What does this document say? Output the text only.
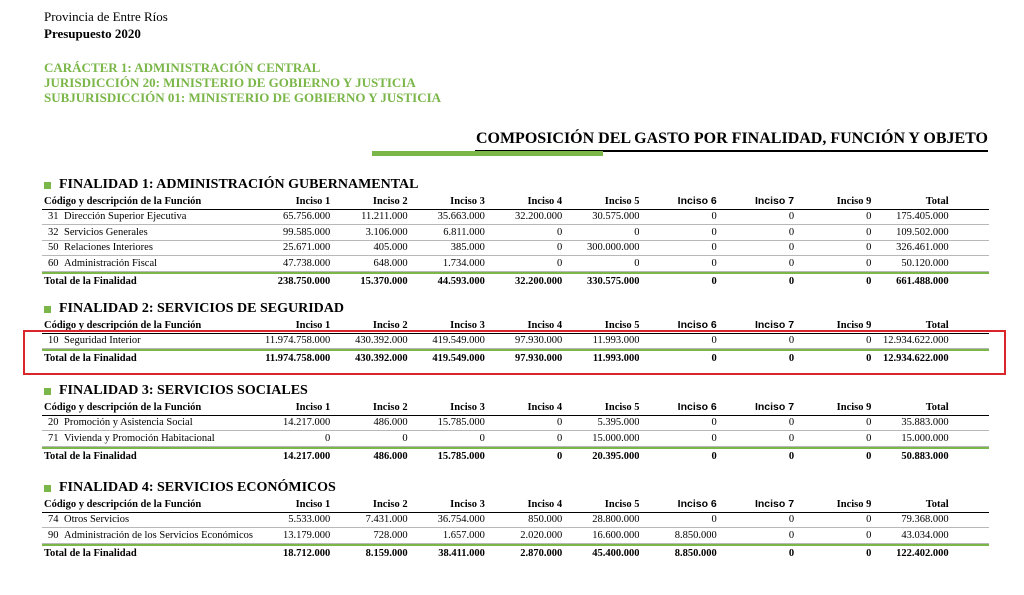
Provincia de Entre Ríos
Presupuesto 2020
CARÁCTER 1: ADMINISTRACIÓN CENTRAL
JURISDICCIÓN 20: MINISTERIO DE GOBIERNO Y JUSTICIA
SUBJURISDICCIÓN 01: MINISTERIO DE GOBIERNO Y JUSTICIA
COMPOSICIÓN DEL GASTO POR FINALIDAD, FUNCIÓN Y OBJETO
FINALIDAD 1: ADMINISTRACIÓN GUBERNAMENTAL
Código y descripción de la Función	Inciso 1	Inciso 2	Inciso 3	Inciso 4	Inciso 5	Inciso 6	Inciso 7	Inciso 9	Total
31 Dirección Superior Ejecutiva	65.756.000	11.211.000	35.663.000	32.200.000	30.575.000	0	0	0	175.405.000
32 Servicios Generales	99.585.000	3.106.000	6.811.000	0	0	0	0	0	109.502.000
50 Relaciones Interiores	25.671.000	405.000	385.000	0	300.000.000	0	0	0	326.461.000
60 Administración Fiscal	47.738.000	648.000	1.734.000	0	0	0	0	0	50.120.000
Total de la Finalidad	238.750.000	15.370.000	44.593.000	32.200.000	330.575.000	0	0	0	661.488.000
FINALIDAD 2: SERVICIOS DE SEGURIDAD
Código y descripción de la Función	Inciso 1	Inciso 2	Inciso 3	Inciso 4	Inciso 5	Inciso 6	Inciso 7	Inciso 9	Total
10 Seguridad Interior	11.974.758.000	430.392.000	419.549.000	97.930.000	11.993.000	0	0	0	12.934.622.000
Total de la Finalidad	11.974.758.000	430.392.000	419.549.000	97.930.000	11.993.000	0	0	0	12.934.622.000
FINALIDAD 3: SERVICIOS SOCIALES
Código y descripción de la Función	Inciso 1	Inciso 2	Inciso 3	Inciso 4	Inciso 5	Inciso 6	Inciso 7	Inciso 9	Total
20 Promoción y Asistencia Social	14.217.000	486.000	15.785.000	0	5.395.000	0	0	0	35.883.000
71 Vivienda y Promoción Habitacional	0	0	0	0	15.000.000	0	0	0	15.000.000
Total de la Finalidad	14.217.000	486.000	15.785.000	0	20.395.000	0	0	0	50.883.000
FINALIDAD 4: SERVICIOS ECONÓMICOS
Código y descripción de la Función	Inciso 1	Inciso 2	Inciso 3	Inciso 4	Inciso 5	Inciso 6	Inciso 7	Inciso 9	Total
74 Otros Servicios	5.533.000	7.431.000	36.754.000	850.000	28.800.000	0	0	0	79.368.000
90 Administración de los Servicios Económicos	13.179.000	728.000	1.657.000	2.020.000	16.600.000	8.850.000	0	0	43.034.000
Total de la Finalidad	18.712.000	8.159.000	38.411.000	2.870.000	45.400.000	8.850.000	0	0	122.402.000
